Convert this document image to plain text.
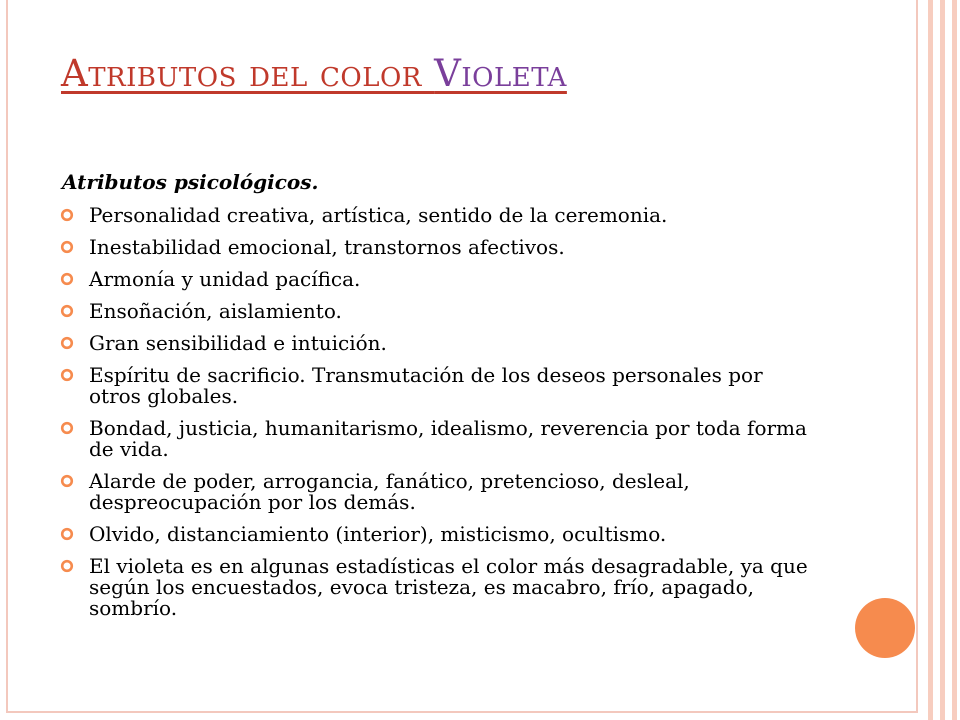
Atributos del color Violeta

Atributos psicológicos.

Personalidad creativa, artística, sentido de la ceremonia.
Inestabilidad emocional, transtornos afectivos.
Armonía y unidad pacífica.
Ensoñación, aislamiento.
Gran sensibilidad e intuición.
Espíritu de sacrificio. Transmutación de los deseos personales por otros globales.
Bondad, justicia, humanitarismo, idealismo, reverencia por toda forma de vida.
Alarde de poder, arrogancia, fanático, pretencioso, desleal, despreocupación por los demás.
Olvido, distanciamiento (interior), misticismo, ocultismo.
El violeta es en algunas estadísticas el color más desagradable, ya que según los encuestados, evoca tristeza, es macabro, frío, apagado, sombrío.
